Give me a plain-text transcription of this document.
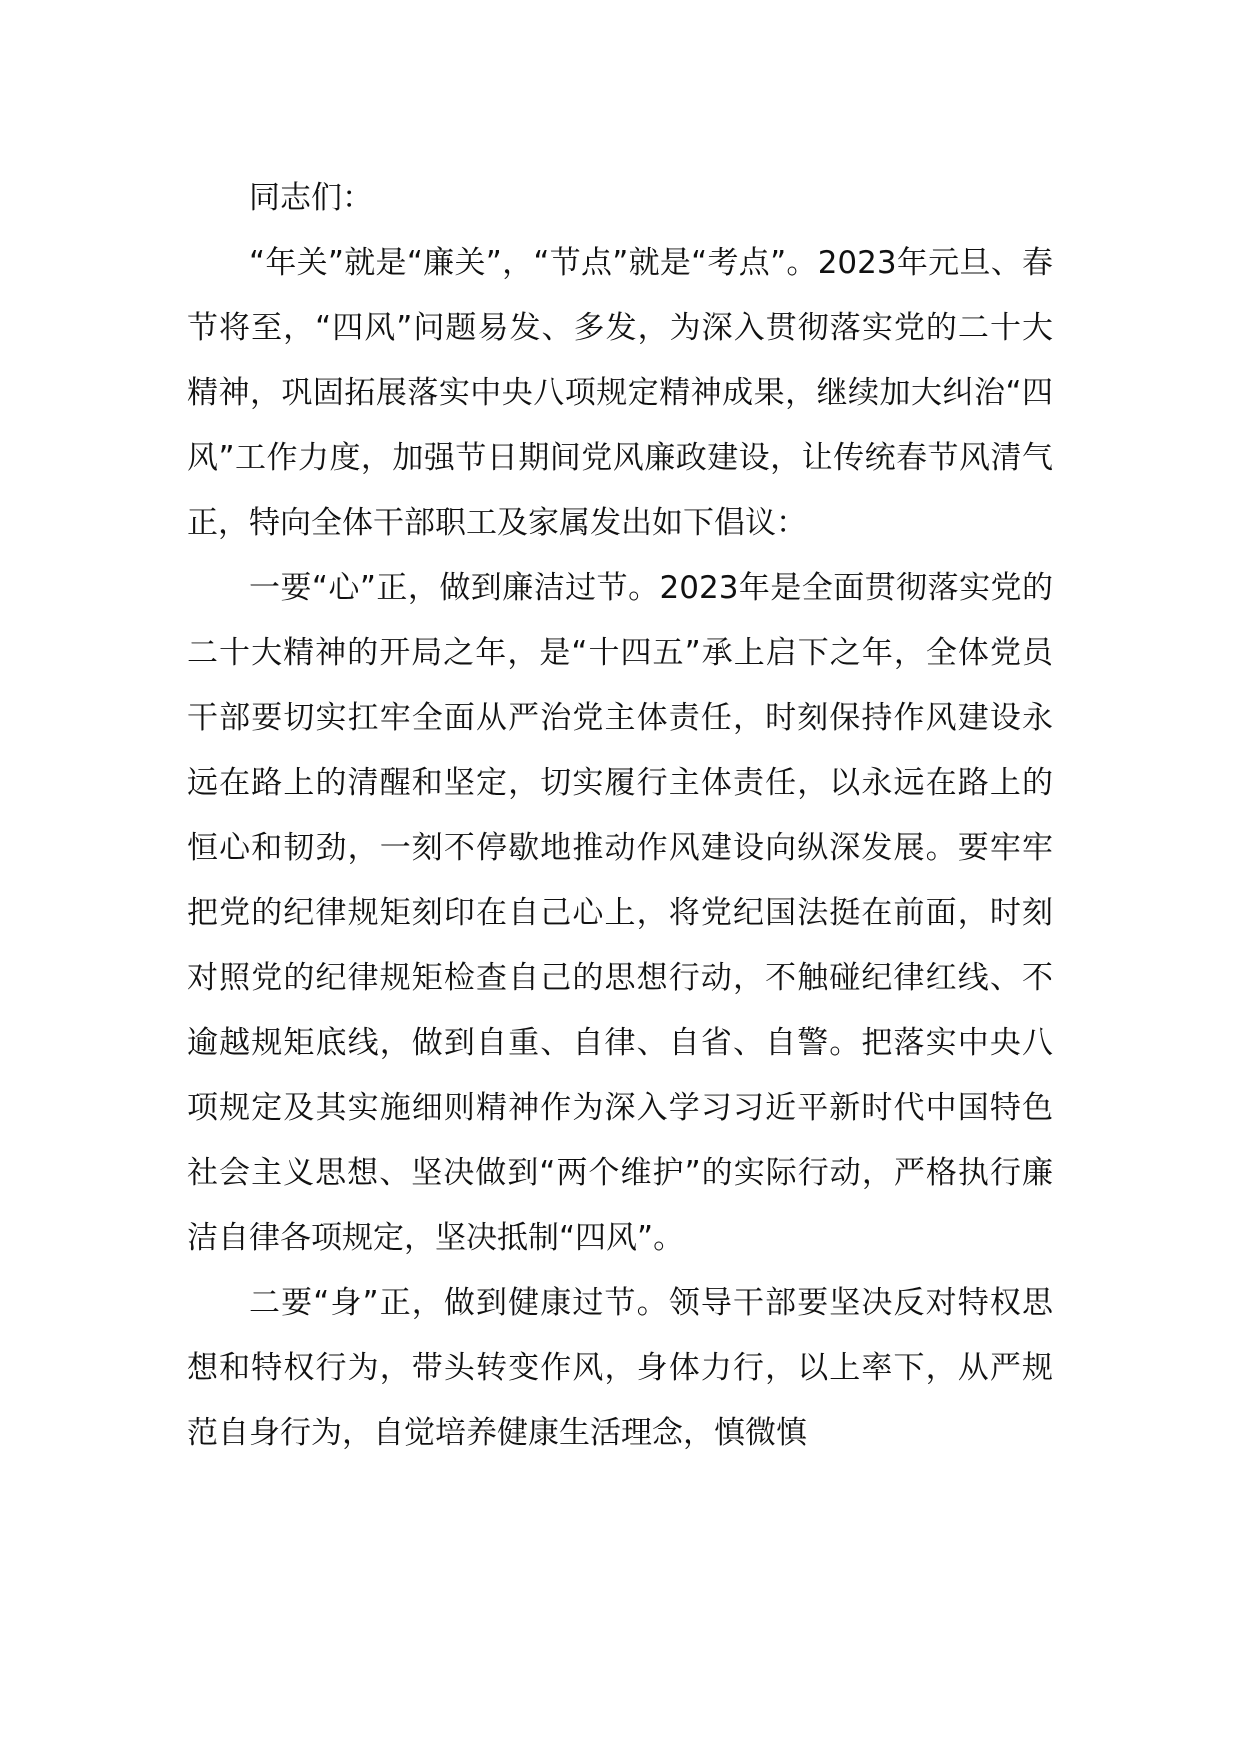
同志们：

“年关”就是“廉关”，“节点”就是“考点”。2023年元旦、春节将至，“四风”问题易发、多发，为深入贯彻落实党的二十大精神，巩固拓展落实中央八项规定精神成果，继续加大纠治“四风”工作力度，加强节日期间党风廉政建设，让传统春节风清气正，特向全体干部职工及家属发出如下倡议：

一要“心”正，做到廉洁过节。2023年是全面贯彻落实党的二十大精神的开局之年，是“十四五”承上启下之年，全体党员干部要切实扛牢全面从严治党主体责任，时刻保持作风建设永远在路上的清醒和坚定，切实履行主体责任，以永远在路上的恒心和韧劲，一刻不停歇地推动作风建设向纵深发展。要牢牢把党的纪律规矩刻印在自己心上，将党纪国法挺在前面，时刻对照党的纪律规矩检查自己的思想行动，不触碰纪律红线、不逾越规矩底线，做到自重、自律、自省、自警。把落实中央八项规定及其实施细则精神作为深入学习习近平新时代中国特色社会主义思想、坚决做到“两个维护”的实际行动，严格执行廉洁自律各项规定，坚决抵制“四风”。

二要“身”正，做到健康过节。领导干部要坚决反对特权思想和特权行为，带头转变作风，身体力行，以上率下，从严规范自身行为，自觉培养健康生活理念，慎微慎
